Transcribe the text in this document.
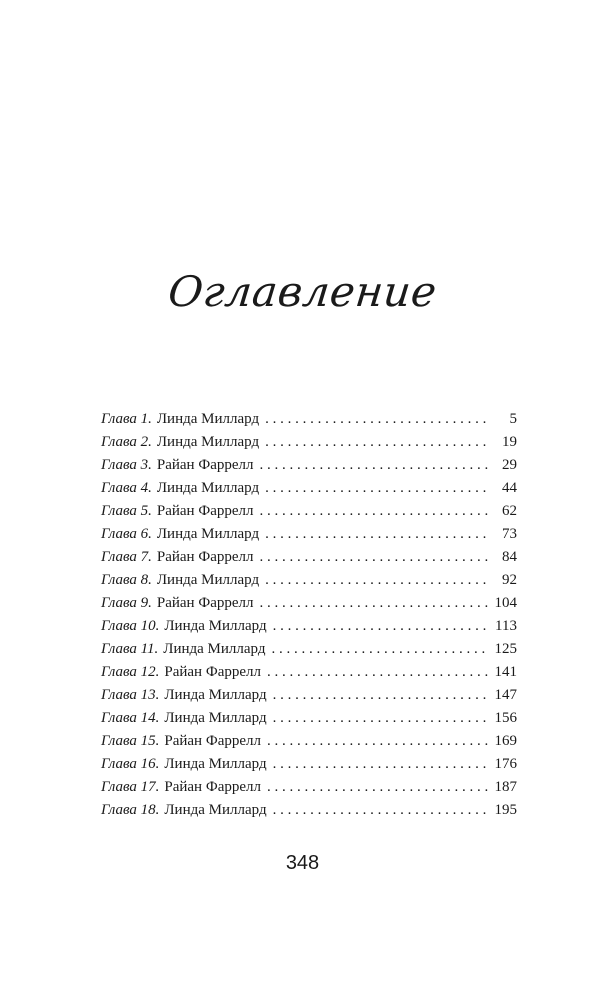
Оглавление
Глава 1. Линда Миллард . . .	5
Глава 2. Линда Миллард . . .	19
Глава 3. Райан Фаррелл . . .	29
Глава 4. Линда Миллард . . .	44
Глава 5. Райан Фаррелл . . .	62
Глава 6. Линда Миллард . . .	73
Глава 7. Райан Фаррелл . . .	84
Глава 8. Линда Миллард . . .	92
Глава 9. Райан Фаррелл . . .	104
Глава 10. Линда Миллард . . .	113
Глава 11. Линда Миллард . . .	125
Глава 12. Райан Фаррелл . . .	141
Глава 13. Линда Миллард . . .	147
Глава 14. Линда Миллард . . .	156
Глава 15. Райан Фаррелл . . .	169
Глава 16. Линда Миллард . . .	176
Глава 17. Райан Фаррелл . . .	187
Глава 18. Линда Миллард . . .	195
348
